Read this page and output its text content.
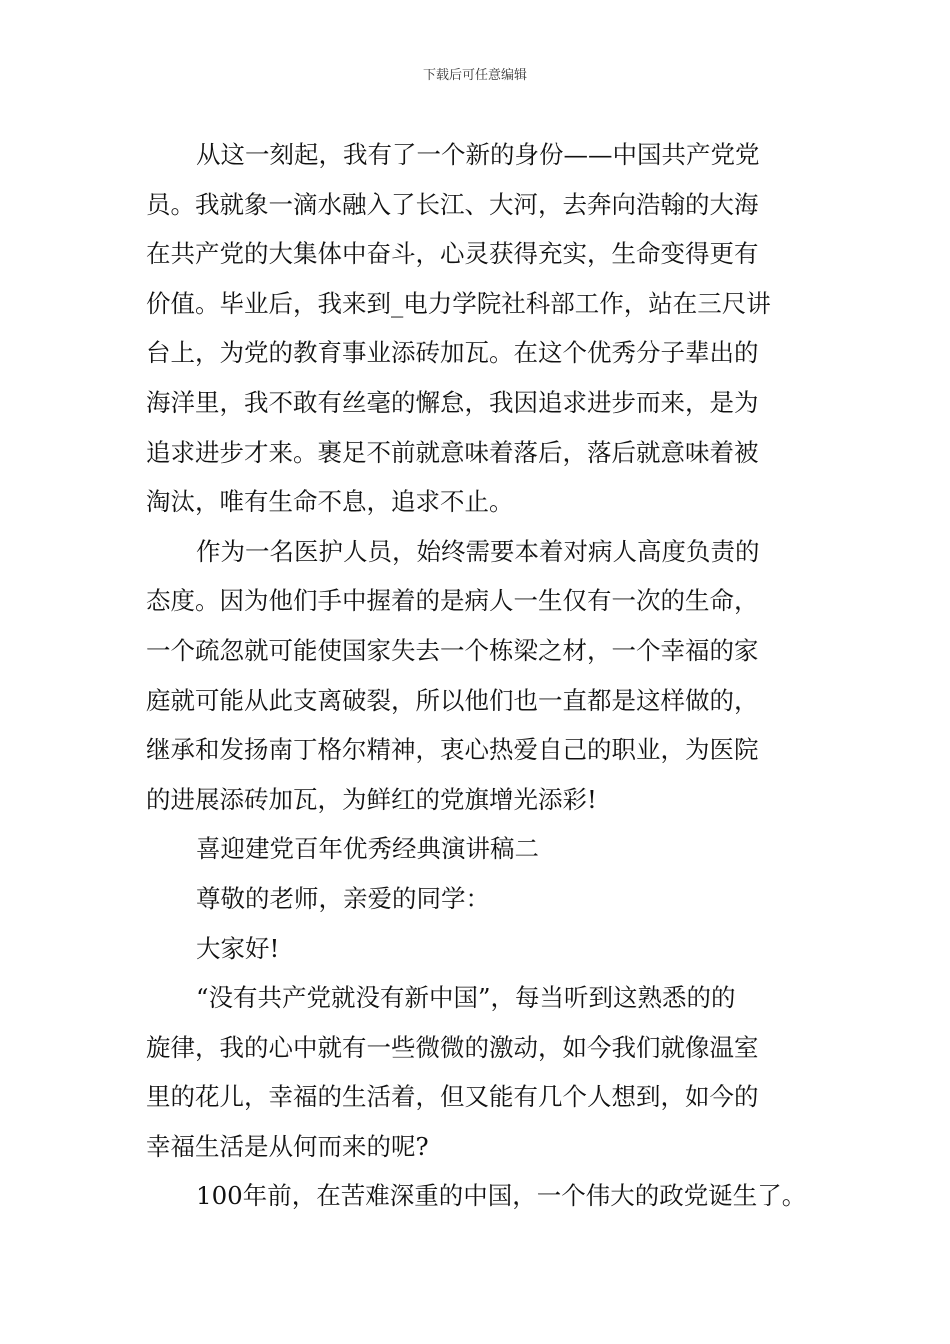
下载后可任意编辑
从这一刻起，我有了一个新的身份——中国共产党党
员。我就象一滴水融入了长江、大河，去奔向浩翰的大海
在共产党的大集体中奋斗，心灵获得充实，生命变得更有
价值。毕业后，我来到_电力学院社科部工作，站在三尺讲
台上，为党的教育事业添砖加瓦。在这个优秀分子辈出的
海洋里，我不敢有丝毫的懈怠，我因追求进步而来，是为
追求进步才来。裹足不前就意味着落后，落后就意味着被
淘汰，唯有生命不息，追求不止。
作为一名医护人员，始终需要本着对病人高度负责的
态度。因为他们手中握着的是病人一生仅有一次的生命，
一个疏忽就可能使国家失去一个栋梁之材，一个幸福的家
庭就可能从此支离破裂，所以他们也一直都是这样做的，
继承和发扬南丁格尔精神，衷心热爱自己的职业，为医院
的进展添砖加瓦，为鲜红的党旗增光添彩!
喜迎建党百年优秀经典演讲稿二
尊敬的老师，亲爱的同学：
大家好!
“没有共产党就没有新中国”，每当听到这熟悉的的
旋律，我的心中就有一些微微的激动，如今我们就像温室
里的花儿，幸福的生活着，但又能有几个人想到，如今的
幸福生活是从何而来的呢?
100年前，在苦难深重的中国，一个伟大的政党诞生了。
